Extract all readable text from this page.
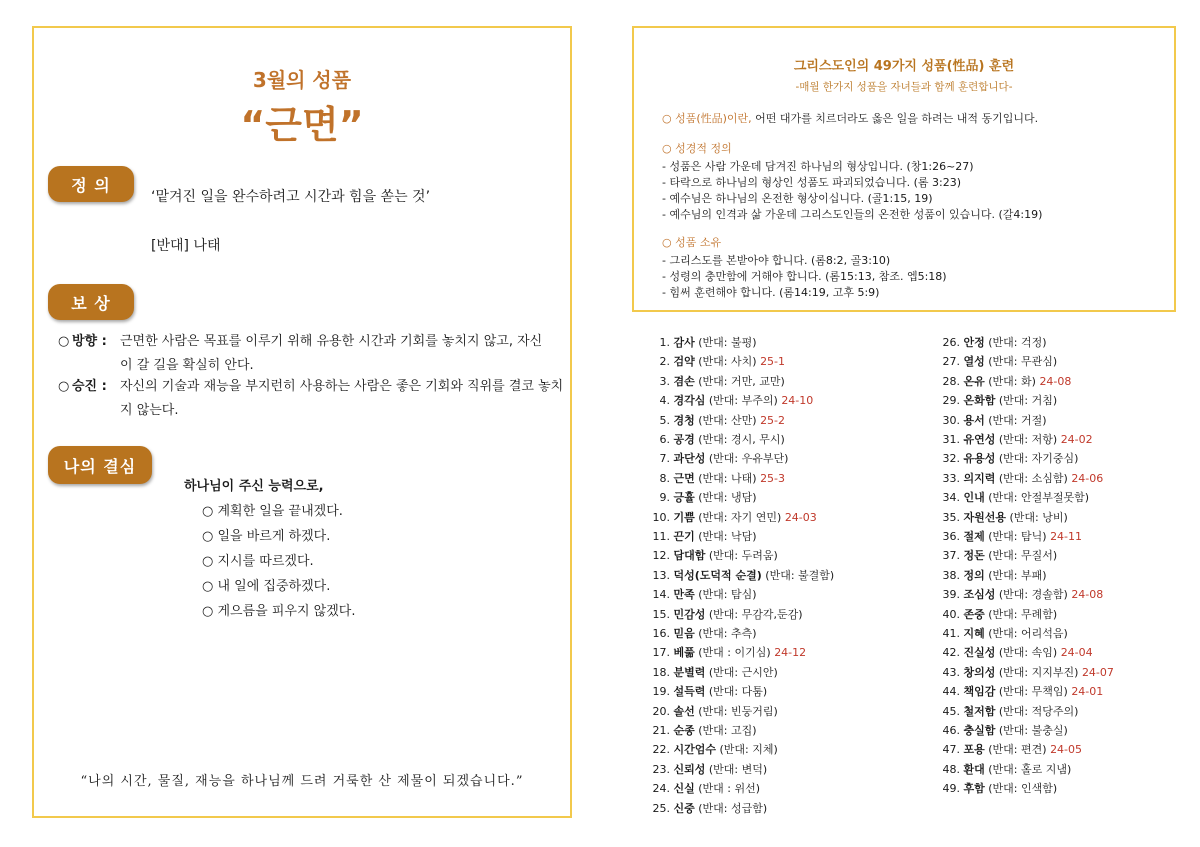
3월의 성품
“근면”
정 의
‘맡겨진 일을 완수하려고 시간과 힘을 쏟는 것’
[반대] 나태
보 상
○ 방향 : 근면한 사람은 목표를 이루기 위해 유용한 시간과 기회를 놓치지 않고, 자신
이 갈 길을 확실히 안다.
○ 승진 : 자신의 기술과 재능을 부지런히 사용하는 사람은 좋은 기회와 직위를 결코 놓치
지 않는다.
나의 결심
하나님이 주신 능력으로,
○ 계획한 일을 끝내겠다.
○ 일을 바르게 하겠다.
○ 지시를 따르겠다.
○ 내 일에 집중하겠다.
○ 게으름을 피우지 않겠다.
“나의 시간, 물질, 재능을 하나님께 드려 거룩한 산 제물이 되겠습니다.”
그리스도인의 49가지 성품(性品) 훈련
-매월 한가지 성품을 자녀들과 함께 훈련합니다-
○ 성품(性品)이란, 어떤 대가를 치르더라도 옳은 일을 하려는 내적 동기입니다.
○ 성경적 정의
- 성품은 사람 가운데 담겨진 하나님의 형상입니다. (창1:26~27)
- 타락으로 하나님의 형상인 성품도 파괴되었습니다. (롬 3:23)
- 예수님은 하나님의 온전한 형상이십니다. (골1:15, 19)
- 예수님의 인격과 삶 가운데 그리스도인들의 온전한 성품이 있습니다. (갈4:19)
○ 성품 소유
- 그리스도를 본받아야 합니다. (롬8:2, 골3:10)
- 성령의 충만함에 거해야 합니다. (롬15:13, 참조. 엡5:18)
- 힘써 훈련해야 합니다. (롬14:19, 고후 5:9)
1. 감사 (반대: 불평)
2. 검약 (반대: 사치) 25-1
3. 겸손 (반대: 거만, 교만)
4. 경각심 (반대: 부주의) 24-10
5. 경청 (반대: 산만) 25-2
6. 공경 (반대: 경시, 무시)
7. 과단성 (반대: 우유부단)
8. 근면 (반대: 나태) 25-3
9. 긍휼 (반대: 냉담)
10. 기쁨 (반대: 자기 연민) 24-03
11. 끈기 (반대: 낙담)
12. 담대함 (반대: 두려움)
13. 덕성(도덕적 순결) (반대: 불결함)
14. 만족 (반대: 탐심)
15. 민감성 (반대: 무감각,둔감)
16. 믿음 (반대: 추측)
17. 베풂 (반대 : 이기심) 24-12
18. 분별력 (반대: 근시안)
19. 설득력 (반대: 다툼)
20. 솔선 (반대: 빈둥거림)
21. 순종 (반대: 고집)
22. 시간엄수 (반대: 지체)
23. 신뢰성 (반대: 변덕)
24. 신실 (반대 : 위선)
25. 신중 (반대: 성급함)
26. 안정 (반대: 걱정)
27. 열성 (반대: 무관심)
28. 온유 (반대: 화) 24-08
29. 온화함 (반대: 거침)
30. 용서 (반대: 거절)
31. 유연성 (반대: 저항) 24-02
32. 유용성 (반대: 자기중심)
33. 의지력 (반대: 소심함) 24-06
34. 인내 (반대: 안절부절못함)
35. 자원선용 (반대: 낭비)
36. 절제 (반대: 탐닉) 24-11
37. 정돈 (반대: 무질서)
38. 정의 (반대: 부패)
39. 조심성 (반대: 경솔함) 24-08
40. 존중 (반대: 무례함)
41. 지혜 (반대: 어리석음)
42. 진실성 (반대: 속임) 24-04
43. 창의성 (반대: 지지부진) 24-07
44. 책임감 (반대: 무책임) 24-01
45. 철저함 (반대: 적당주의)
46. 충실함 (반대: 불충실)
47. 포용 (반대: 편견) 24-05
48. 환대 (반대: 홀로 지냄)
49. 후함 (반대: 인색함)
